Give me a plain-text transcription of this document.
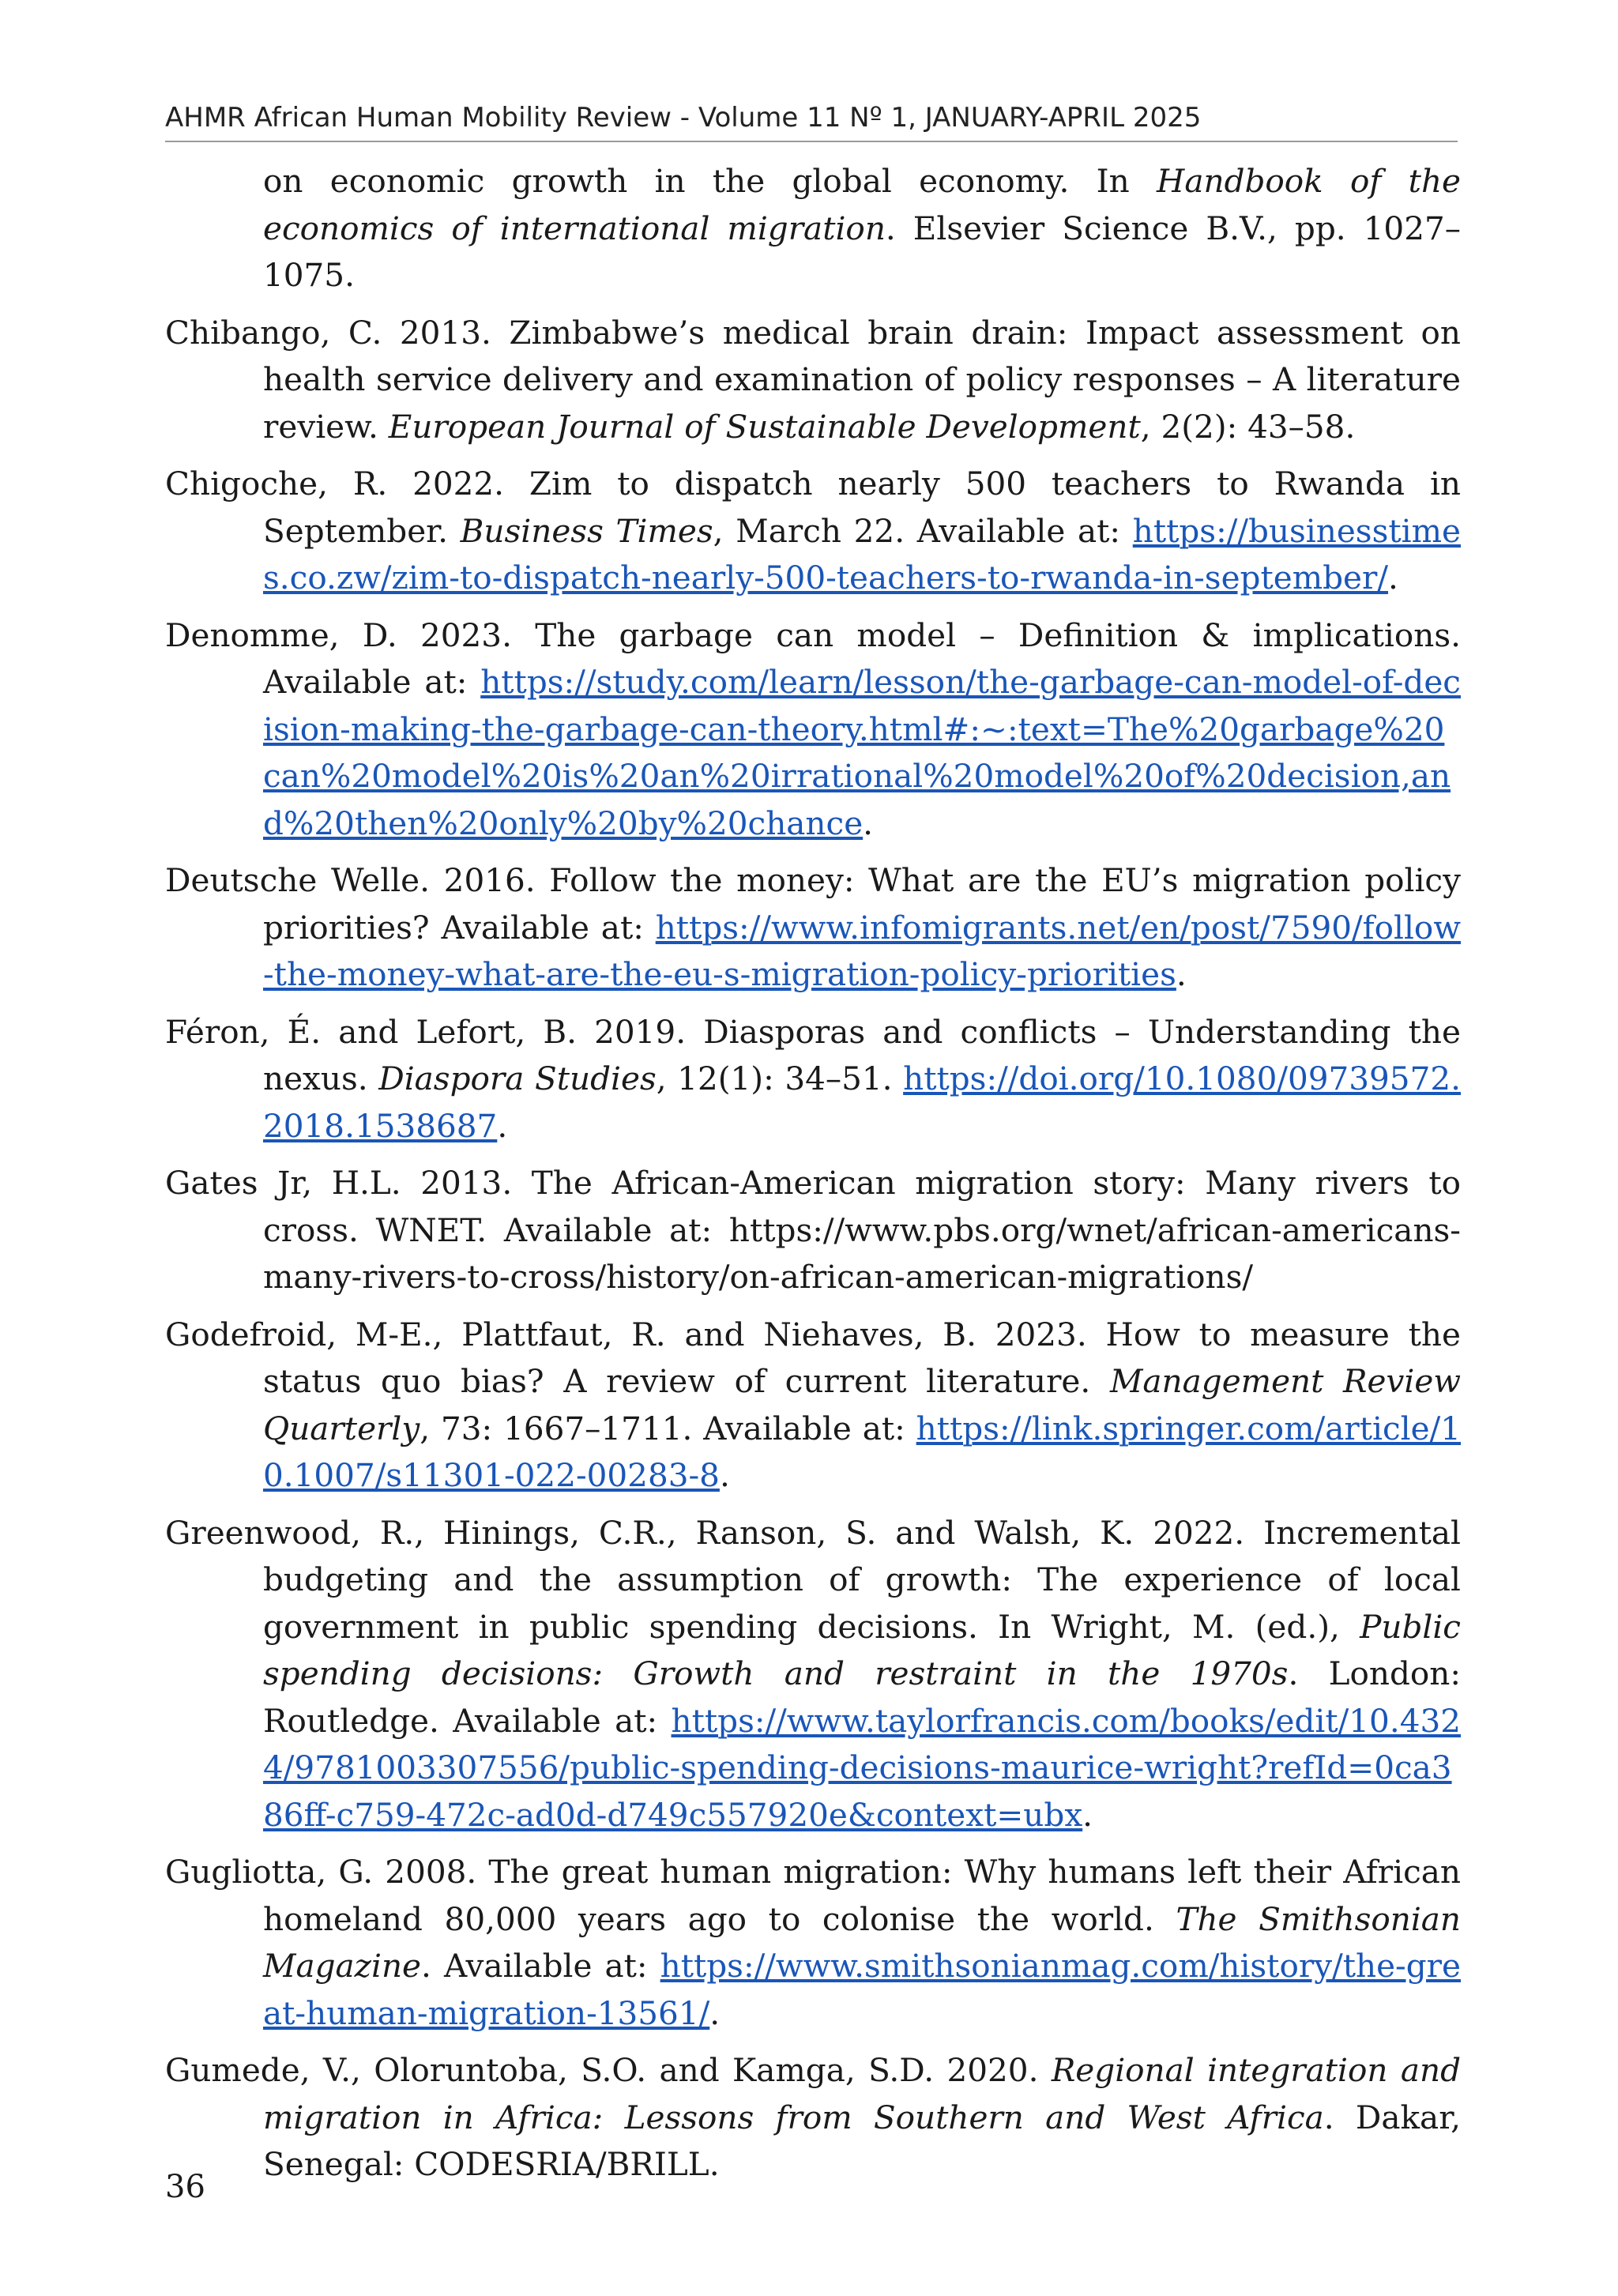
AHMR African Human Mobility Review - Volume 11 Nº 1, JANUARY-APRIL 2025

on economic growth in the global economy. In Handbook of the economics of international migration. Elsevier Science B.V., pp. 1027–1075.

Chibango, C. 2013. Zimbabwe’s medical brain drain: Impact assessment on health service delivery and examination of policy responses – A literature review. European Journal of Sustainable Development, 2(2): 43–58.

Chigoche, R. 2022. Zim to dispatch nearly 500 teachers to Rwanda in September. Business Times, March 22. Available at: https://businesstimes.co.zw/zim-to-dispatch-nearly-500-teachers-to-rwanda-in-september/.

Denomme, D. 2023. The garbage can model – Definition & implications. Available at: https://study.com/learn/lesson/the-garbage-can-model-of-decision-making-the-garbage-can-theory.html#:~:text=The%20garbage%20can%20model%20is%20an%20irrational%20model%20of%20decision,and%20then%20only%20by%20chance.

Deutsche Welle. 2016. Follow the money: What are the EU’s migration policy priorities? Available at: https://www.infomigrants.net/en/post/7590/follow-the-money-what-are-the-eu-s-migration-policy-priorities.

Féron, É. and Lefort, B. 2019. Diasporas and conflicts – Understanding the nexus. Diaspora Studies, 12(1): 34–51. https://doi.org/10.1080/09739572.2018.1538687.

Gates Jr, H.L. 2013. The African-American migration story: Many rivers to cross. WNET. Available at: https://www.pbs.org/wnet/african-americans-many-rivers-to-cross/history/on-african-american-migrations/

Godefroid, M-E., Plattfaut, R. and Niehaves, B. 2023. How to measure the status quo bias? A review of current literature. Management Review Quarterly, 73: 1667–1711. Available at: https://link.springer.com/article/10.1007/s11301-022-00283-8.

Greenwood, R., Hinings, C.R., Ranson, S. and Walsh, K. 2022. Incremental budgeting and the assumption of growth: The experience of local government in public spending decisions. In Wright, M. (ed.), Public spending decisions: Growth and restraint in the 1970s. London: Routledge. Available at: https://www.taylorfrancis.com/books/edit/10.4324/9781003307556/public-spending-decisions-maurice-wright?refId=0ca386ff-c759-472c-ad0d-d749c557920e&context=ubx.

Gugliotta, G. 2008. The great human migration: Why humans left their African homeland 80,000 years ago to colonise the world. The Smithsonian Magazine. Available at: https://www.smithsonianmag.com/history/the-great-human-migration-13561/.

Gumede, V., Oloruntoba, S.O. and Kamga, S.D. 2020. Regional integration and migration in Africa: Lessons from Southern and West Africa. Dakar, Senegal: CODESRIA/BRILL.

36
